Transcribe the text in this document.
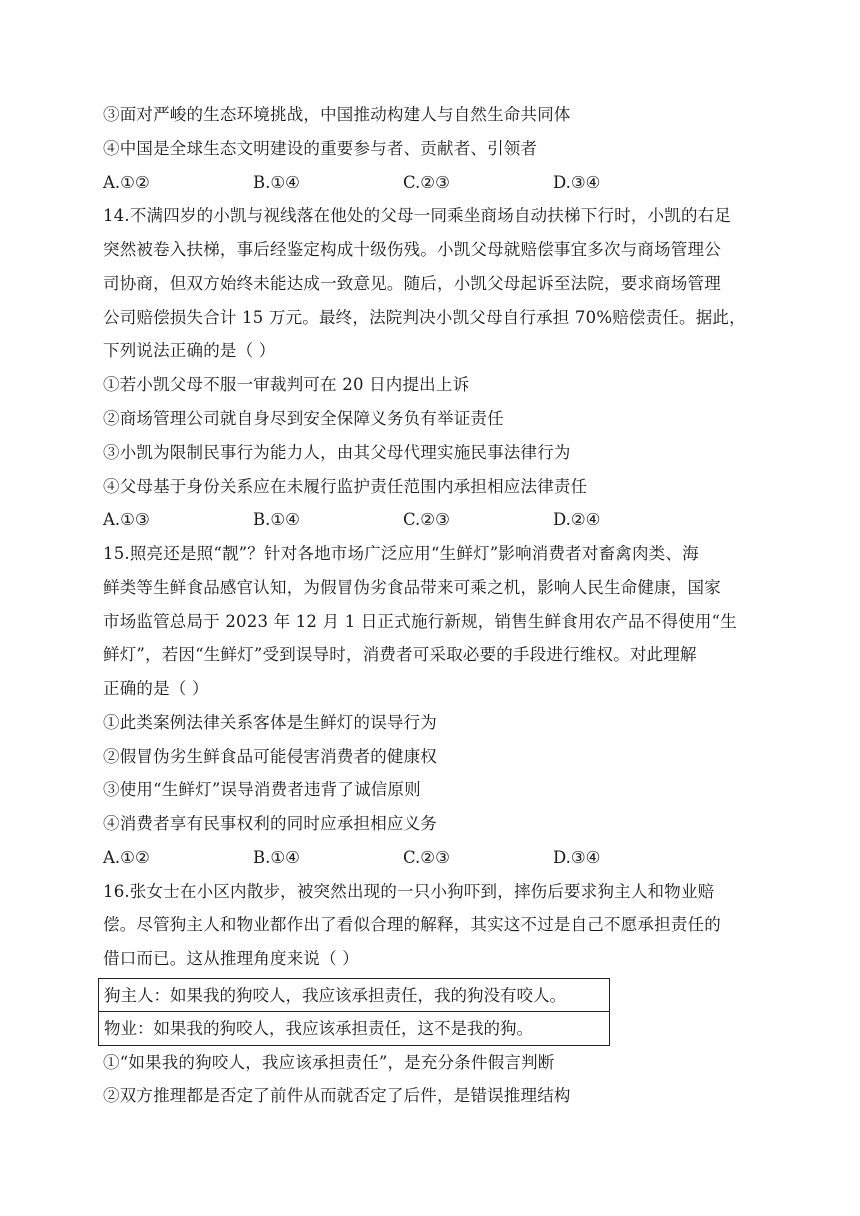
③面对严峻的生态环境挑战，中国推动构建人与自然生命共同体
④中国是全球生态文明建设的重要参与者、贡献者、引领者
A.①②	B.①④	C.②③	D.③④
14.不满四岁的小凯与视线落在他处的父母一同乘坐商场自动扶梯下行时，小凯的右足
突然被卷入扶梯，事后经鉴定构成十级伤残。小凯父母就赔偿事宜多次与商场管理公
司协商，但双方始终未能达成一致意见。随后，小凯父母起诉至法院，要求商场管理
公司赔偿损失合计 15 万元。最终，法院判决小凯父母自行承担 70%赔偿责任。据此，
下列说法正确的是（ ）
①若小凯父母不服一审裁判可在 20 日内提出上诉
②商场管理公司就自身尽到安全保障义务负有举证责任
③小凯为限制民事行为能力人，由其父母代理实施民事法律行为
④父母基于身份关系应在未履行监护责任范围内承担相应法律责任
A.①③	B.①④	C.②③	D.②④
15.照亮还是照“靓”？针对各地市场广泛应用“生鲜灯”影响消费者对畜禽肉类、海
鲜类等生鲜食品感官认知，为假冒伪劣食品带来可乘之机，影响人民生命健康，国家
市场监管总局于 2023 年 12 月 1 日正式施行新规，销售生鲜食用农产品不得使用“生
鲜灯”，若因“生鲜灯”受到误导时，消费者可采取必要的手段进行维权。对此理解
正确的是（ ）
①此类案例法律关系客体是生鲜灯的误导行为
②假冒伪劣生鲜食品可能侵害消费者的健康权
③使用“生鲜灯”误导消费者违背了诚信原则
④消费者享有民事权利的同时应承担相应义务
A.①②	B.①④	C.②③	D.③④
16.张女士在小区内散步，被突然出现的一只小狗吓到，摔伤后要求狗主人和物业赔
偿。尽管狗主人和物业都作出了看似合理的解释，其实这不过是自己不愿承担责任的
借口而已。这从推理角度来说（ ）
狗主人：如果我的狗咬人，我应该承担责任，我的狗没有咬人。
物业：如果我的狗咬人，我应该承担责任，这不是我的狗。
①“如果我的狗咬人，我应该承担责任”，是充分条件假言判断
②双方推理都是否定了前件从而就否定了后件，是错误推理结构
